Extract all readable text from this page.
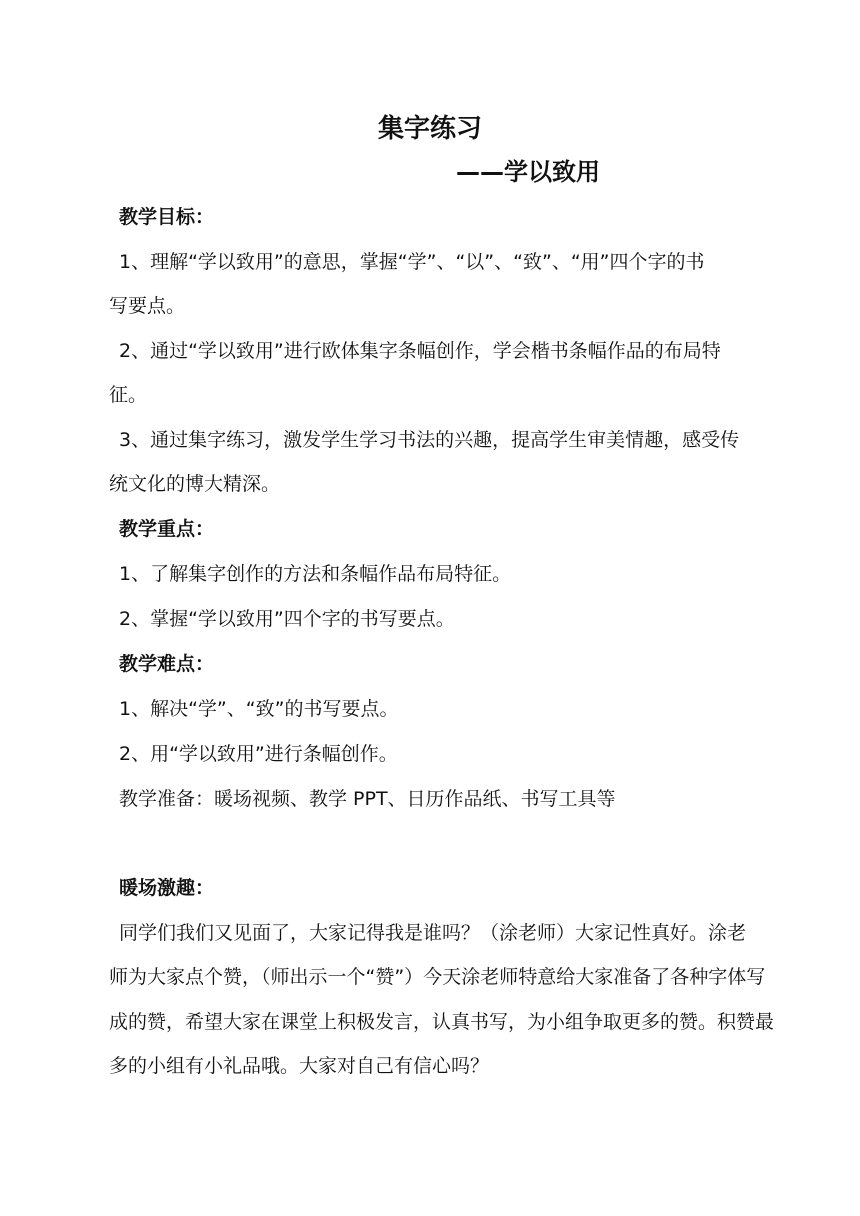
集字练习
——学以致用
教学目标：
1、理解“学以致用”的意思，掌握“学”、“以”、“致”、“用”四个字的书
写要点。
2、通过“学以致用”进行欧体集字条幅创作，学会楷书条幅作品的布局特
征。
3、通过集字练习，激发学生学习书法的兴趣，提高学生审美情趣，感受传
统文化的博大精深。
教学重点：
1、了解集字创作的方法和条幅作品布局特征。
2、掌握“学以致用”四个字的书写要点。
教学难点：
1、解决“学”、“致”的书写要点。
2、用“学以致用”进行条幅创作。
教学准备：暖场视频、教学 PPT、日历作品纸、书写工具等
暖场激趣：
同学们我们又见面了，大家记得我是谁吗？（涂老师）大家记性真好。涂老
师为大家点个赞，（师出示一个“赞”）今天涂老师特意给大家准备了各种字体写
成的赞，希望大家在课堂上积极发言，认真书写，为小组争取更多的赞。积赞最
多的小组有小礼品哦。大家对自己有信心吗？
